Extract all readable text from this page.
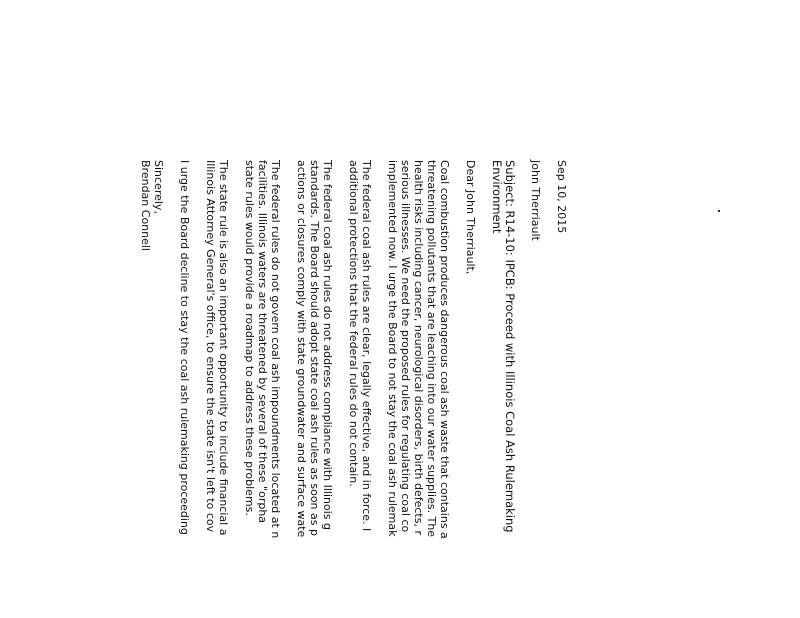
Sep 10, 2015
John Therriault
Subject: R14-10: IPCB: Proceed with Illinois Coal Ash Rulemaking
Environment
Dear John Therriault,
Coal combustion produces dangerous coal ash waste that contains a
threatening pollutants that are leaching into our water supplies. The
health risks including cancer, neurological disorders, birth defects, r
serious illnesses. We need the proposed rules for regulating coal co
implemented now. I urge the Board to not stay the coal ash rulemak
The federal coal ash rules are clear, legally effective, and in force. I
additional protections that the federal rules do not contain.
The federal coal ash rules do not address compliance with Illinois g
standards. The Board should adopt state coal ash rules as soon as p
actions or closures comply with state groundwater and surface wate
The federal rules do not govern coal ash impoundments located at n
facilities. Illinois waters are threatened by several of these "orpha
state rules would provide a roadmap to address these problems.
The state rule is also an important opportunity to include financial a
Illinois Attorney General's office, to ensure the state isn't left to cov
I urge the Board decline to stay the coal ash rulemaking proceeding
Sincerely,
Brendan Connell
